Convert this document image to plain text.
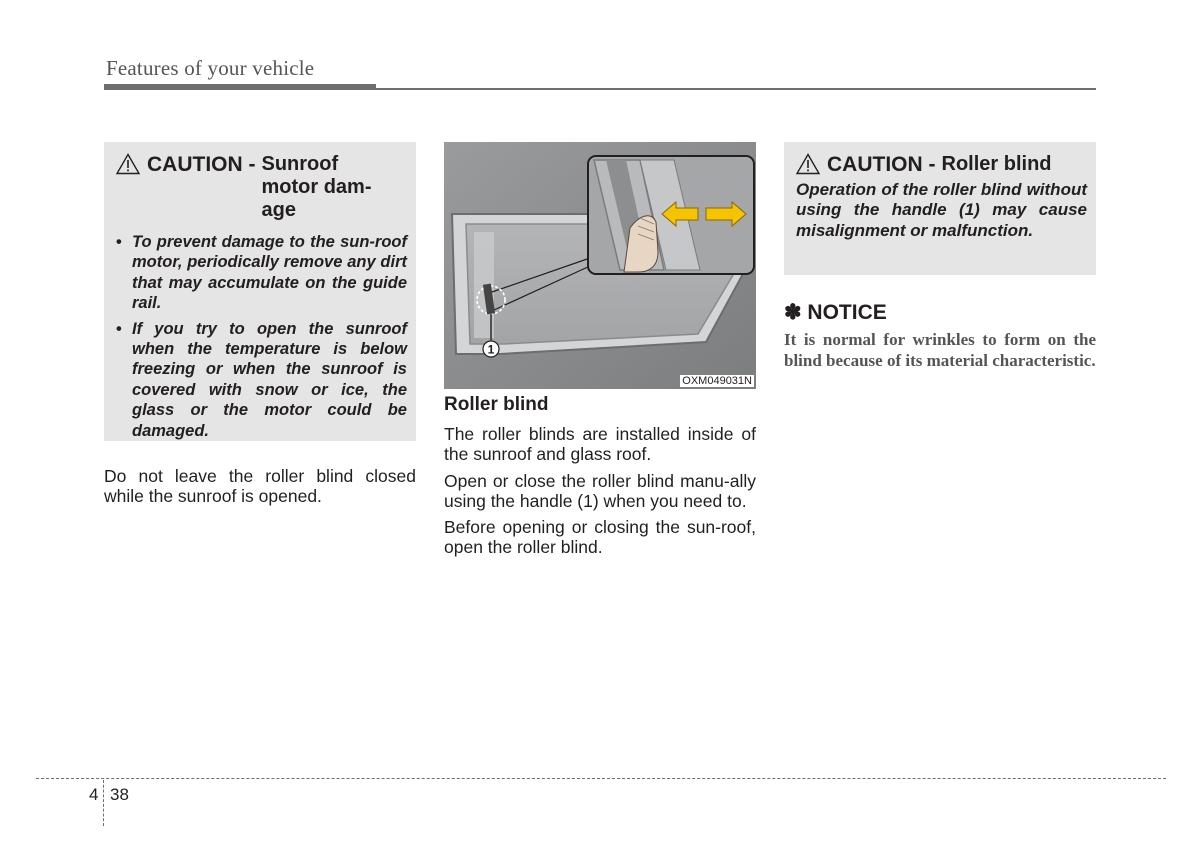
Features of your vehicle
CAUTION - Sunroof
motor dam-
age
• To prevent damage to the sun-roof motor, periodically remove any dirt that may accumulate on the guide rail.
• If you try to open the sunroof when the temperature is below freezing or when the sunroof is covered with snow or ice, the glass or the motor could be damaged.

Do not leave the roller blind closed while the sunroof is opened.

1
OXM049031N
Roller blind

The roller blinds are installed inside of the sunroof and glass roof.

Open or close the roller blind manu-ally using the handle (1) when you need to.

Before opening or closing the sun-roof, open the roller blind.

CAUTION - Roller blind
Operation of the roller blind without using the handle (1) may cause misalignment or malfunction.
✽ NOTICE
It is normal for wrinkles to form on the blind because of its material characteristic.
4 38
